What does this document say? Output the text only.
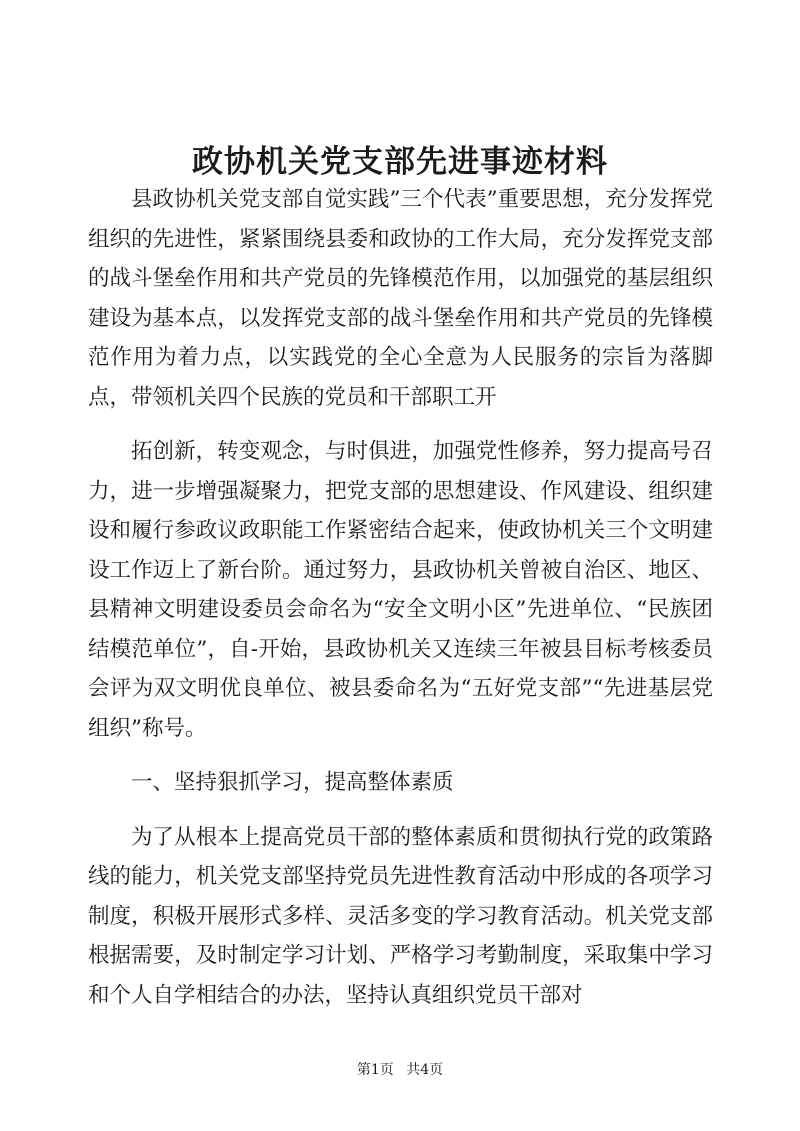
政协机关党支部先进事迹材料

县政协机关党支部自觉实践”三个代表”重要思想，充分发挥党组织的先进性，紧紧围绕县委和政协的工作大局，充分发挥党支部的战斗堡垒作用和共产党员的先锋模范作用，以加强党的基层组织建设为基本点，以发挥党支部的战斗堡垒作用和共产党员的先锋模范作用为着力点，以实践党的全心全意为人民服务的宗旨为落脚点，带领机关四个民族的党员和干部职工开

拓创新，转变观念，与时俱进，加强党性修养，努力提高号召力，进一步增强凝聚力，把党支部的思想建设、作风建设、组织建设和履行参政议政职能工作紧密结合起来，使政协机关三个文明建设工作迈上了新台阶。通过努力，县政协机关曾被自治区、地区、县精神文明建设委员会命名为“安全文明小区”先进单位、“民族团结模范单位”，自-开始，县政协机关又连续三年被县目标考核委员会评为双文明优良单位、被县委命名为“五好党支部”“先进基层党组织”称号。

一、坚持狠抓学习，提高整体素质

为了从根本上提高党员干部的整体素质和贯彻执行党的政策路线的能力，机关党支部坚持党员先进性教育活动中形成的各项学习制度，积极开展形式多样、灵活多变的学习教育活动。机关党支部根据需要，及时制定学习计划、严格学习考勤制度，采取集中学习和个人自学相结合的办法，坚持认真组织党员干部对

第1页 共4页
